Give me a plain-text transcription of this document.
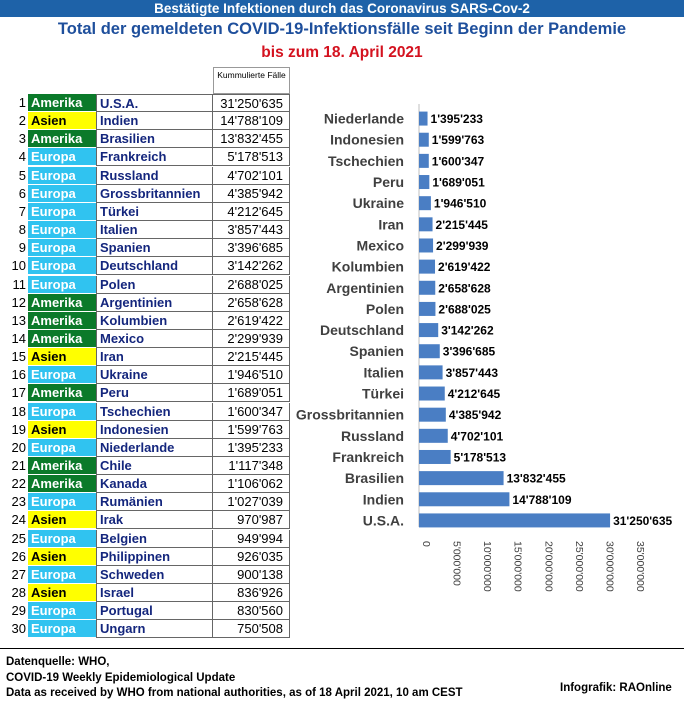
Bestätigte Infektionen durch das Coronavirus SARS-Cov-2
Total der gemeldeten COVID-19-Infektionsfälle seit Beginn der Pandemie
bis zum 18. April 2021
Kummulierte Fälle
1 Amerika	U.S.A.	31'250'635
2 Asien	Indien	14'788'109
3 Amerika	Brasilien	13'832'455
4 Europa	Frankreich	5'178'513
5 Europa	Russland	4'702'101
6 Europa	Grossbritannien	4'385'942
7 Europa	Türkei	4'212'645
8 Europa	Italien	3'857'443
9 Europa	Spanien	3'396'685
10 Europa	Deutschland	3'142'262
11 Europa	Polen	2'688'025
12 Amerika	Argentinien	2'658'628
13 Amerika	Kolumbien	2'619'422
14 Amerika	Mexico	2'299'939
15 Asien	Iran	2'215'445
16 Europa	Ukraine	1'946'510
17 Amerika	Peru	1'689'051
18 Europa	Tschechien	1'600'347
19 Asien	Indonesien	1'599'763
20 Europa	Niederlande	1'395'233
21 Amerika	Chile	1'117'348
22 Amerika	Kanada	1'106'062
23 Europa	Rumänien	1'027'039
24 Asien	Irak	970'987
25 Europa	Belgien	949'994
26 Asien	Philippinen	926'035
27 Europa	Schweden	900'138
28 Asien	Israel	836'926
29 Europa	Portugal	830'560
30 Europa	Ungarn	750'508
Niederlande 1'395'233
Indonesien 1'599'763
Tschechien 1'600'347
Peru 1'689'051
Ukraine 1'946'510
Iran	2'215'445
Mexico	2'299'939
Kolumbien	2'619'422
Argentinien	2'658'628
Polen	2'688'025
Deutschland	3'142'262
Spanien	3'396'685
Italien	3'857'443
Türkei	4'212'645
Grossbritannien	4'385'942
Russland	4'702'101
Frankreich	5'178'513
Brasilien	13'832'455
Indien	14'788'109
U.S.A.	31'250'635
0 5'000'000 10'000'000 15'000'000 20'000'000 25'000'000 30'000'000 35'000'000
Datenquelle: WHO,
COVID-19 Weekly Epidemiological Update
Data as received by WHO from national authorities, as of 18 April 2021, 10 am CEST	Infografik: RAOnline
